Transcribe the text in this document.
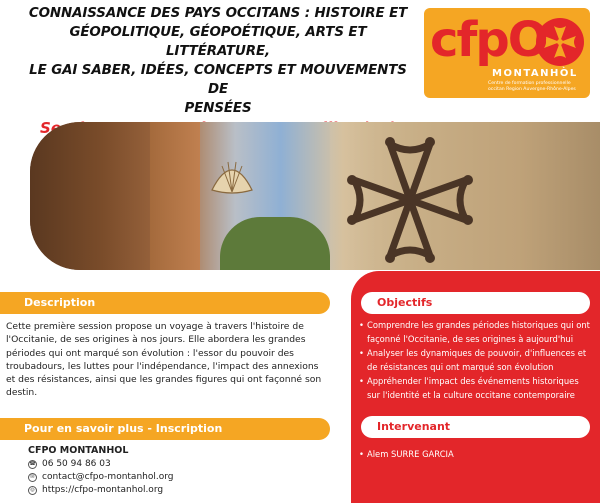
CONNAISSANCE DES PAYS OCCITANS : HISTOIRE ET
GÉOPOLITIQUE, GÉOPOÉTIQUE, ARTS ET LITTÉRATURE,
LE GAI SABER, IDÉES, CONCEPTS ET MOUVEMENTS DE
PENSÉES
cfpO
MONTANHÒL
Centre de formation professionnelle occitan Region Auvergne-Rhône-Alpes
Description

Cette première session propose un voyage à travers l'histoire de l'Occitanie, de ses origines à nos jours. Elle abordera les grandes périodes qui ont marqué son évolution : l'essor du pouvoir des troubadours, les luttes pour l'indépendance, l'impact des annexions et des résistances, ainsi que les grandes figures qui ont façonné son destin.

Pour en savoir plus - Inscription
CFPO MONTANHOL
☎ 06 50 94 86 03
✉ contact@cfpo-montanhol.org
◎ https://cfpo-montanhol.org
Objectifs
• Comprendre les grandes périodes historiques qui ont façonné l'Occitanie, de ses origines à aujourd'hui
• Analyser les dynamiques de pouvoir, d'influences et de résistances qui ont marqué son évolution
• Appréhender l'impact des événements historiques sur l'identité et la culture occitane contemporaire
Intervenant
• Alem SURRE GARCIA
